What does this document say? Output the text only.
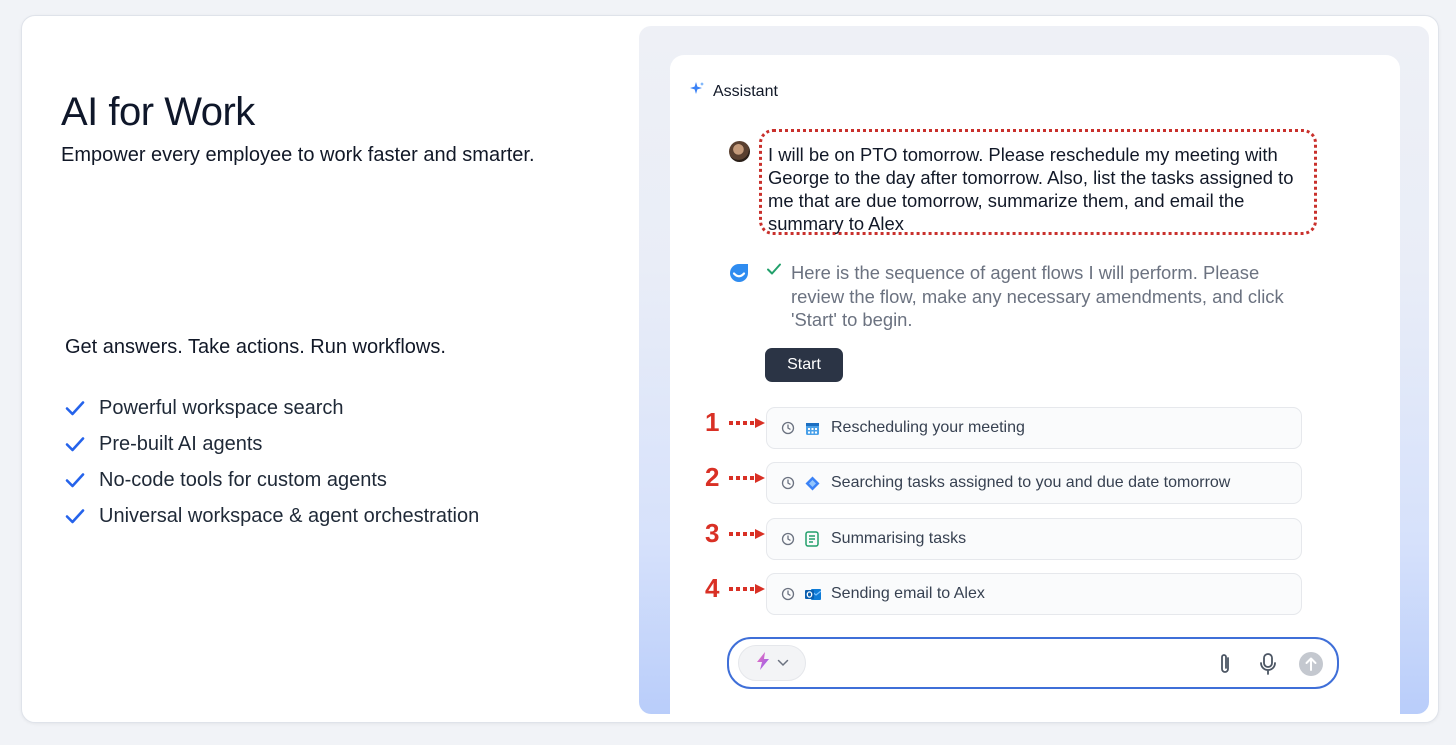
AI for Work

Empower every employee to work faster and smarter.

Get answers. Take actions. Run workflows.

Powerful workspace search
Pre-built AI agents
No-code tools for custom agents
Universal workspace & agent orchestration
Assistant
I will be on PTO tomorrow. Please reschedule my meeting with George to the day after tomorrow. Also, list the tasks assigned to me that are due tomorrow, summarize them, and email the summary to Alex
Here is the sequence of agent flows I will perform. Please review the flow, make any necessary amendments, and click 'Start' to begin.
Start
1	Rescheduling your meeting
2	Searching tasks assigned to you and due date tomorrow
3	Summarising tasks
4	Sending email to Alex
